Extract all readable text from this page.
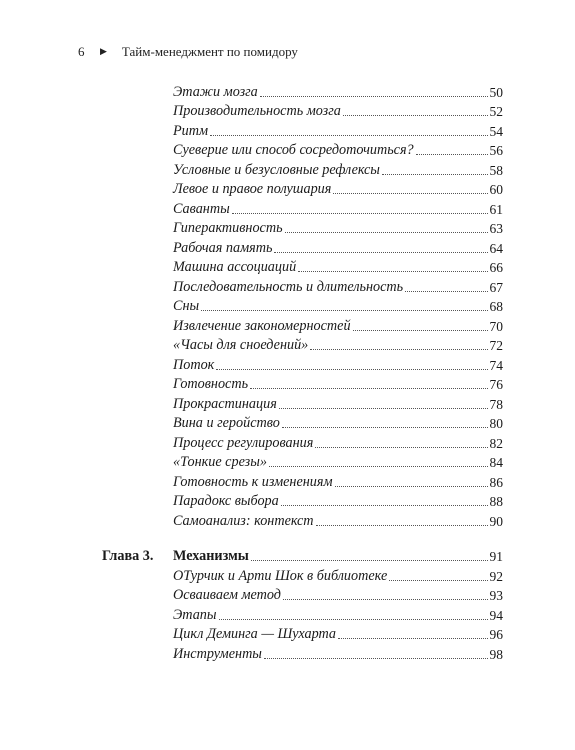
6	▶ Тайм-менеджмент по помидору
Этажи мозга	50
Производительность мозга	52
Ритм	54
Суеверие или способ сосредоточиться?	56
Условные и безусловные рефлексы	58
Левое и правое полушария	60
Саванты	61
Гиперактивность	63
Рабочая память	64
Машина ассоциаций	66
Последовательность и длительность	67
Сны	68
Извлечение закономерностей	70
«Часы для сноедений»	72
Поток	74
Готовность	76
Прокрастинация	78
Вина и геройство	80
Процесс регулирования	82
«Тонкие срезы»	84
Готовность к изменениям	86
Парадокс выбора	88
Самоанализ: контекст	90
Глава 3. Механизмы	91
ОТурчик и Арти Шок в библиотеке	92
Осваиваем метод	93
Этапы	94
Цикл Деминга — Шухарта	96
Инструменты	98
